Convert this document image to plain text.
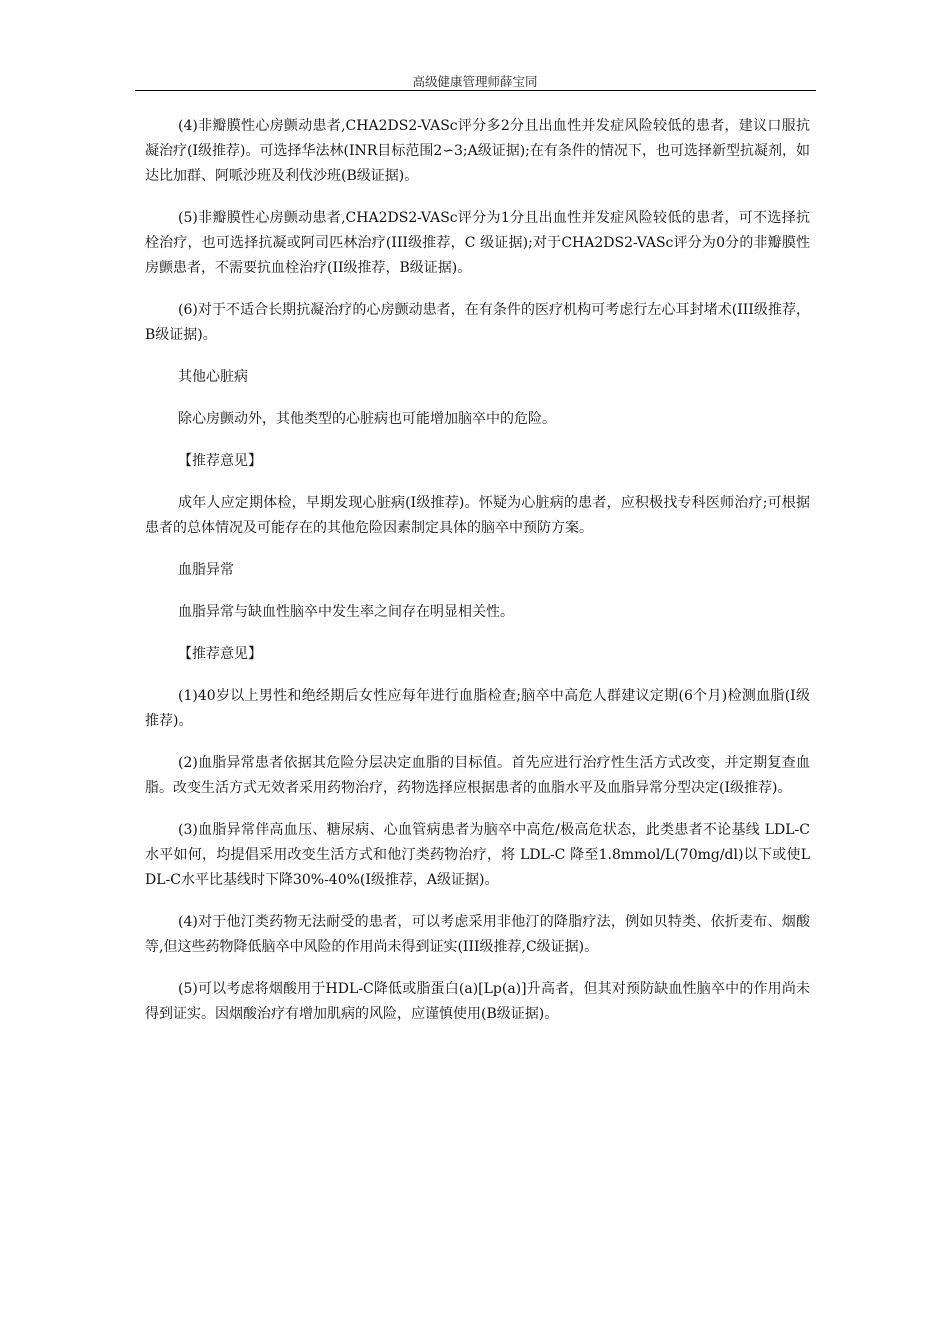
高级健康管理师薛宝同

(4)非瓣膜性心房颤动患者,CHA2DS2-VASc评分多2分且出血性并发症风险较低的患者，建议口服抗凝治疗(I级推荐)。可选择华法林(INR目标范围2∽3;A级证据);在有条件的情况下，也可选择新型抗凝剂，如达比加群、阿哌沙班及利伐沙班(B级证据)。

(5)非瓣膜性心房颤动患者,CHA2DS2-VASc评分为1分且出血性并发症风险较低的患者，可不选择抗栓治疗，也可选择抗凝或阿司匹林治疗(III级推荐，C 级证据);对于CHA2DS2-VASc评分为0分的非瓣膜性房颤患者，不需要抗血栓治疗(II级推荐，B级证据)。

(6)对于不适合长期抗凝治疗的心房颤动患者，在有条件的医疗机构可考虑行左心耳封堵术(III级推荐，B级证据)。

其他心脏病

除心房颤动外，其他类型的心脏病也可能增加脑卒中的危险。

【推荐意见】

成年人应定期体检，早期发现心脏病(I级推荐)。怀疑为心脏病的患者，应积极找专科医师治疗;可根据患者的总体情况及可能存在的其他危险因素制定具体的脑卒中预防方案。

血脂异常

血脂异常与缺血性脑卒中发生率之间存在明显相关性。

【推荐意见】

(1)40岁以上男性和绝经期后女性应每年进行血脂检查;脑卒中高危人群建议定期(6个月)检测血脂(I级推荐)。

(2)血脂异常患者依据其危险分层决定血脂的目标值。首先应进行治疗性生活方式改变，并定期复查血脂。改变生活方式无效者采用药物治疗，药物选择应根据患者的血脂水平及血脂异常分型决定(I级推荐)。

(3)血脂异常伴高血压、糖尿病、心血管病患者为脑卒中高危/极高危状态，此类患者不论基线 LDL-C 水平如何，均提倡采用改变生活方式和他汀类药物治疗，将 LDL-C 降至1.8mmol/L(70mg/dl)以下或使LDL-C水平比基线时下降30%-40%(I级推荐，A级证据)。

(4)对于他汀类药物无法耐受的患者，可以考虑采用非他汀的降脂疗法，例如贝特类、依折麦布、烟酸等,但这些药物降低脑卒中风险的作用尚未得到证实(III级推荐,C级证据)。

(5)可以考虑将烟酸用于HDL-C降低或脂蛋白(a)[Lp(a)]升高者，但其对预防缺血性脑卒中的作用尚未得到证实。因烟酸治疗有增加肌病的风险，应谨慎使用(B级证据)。
